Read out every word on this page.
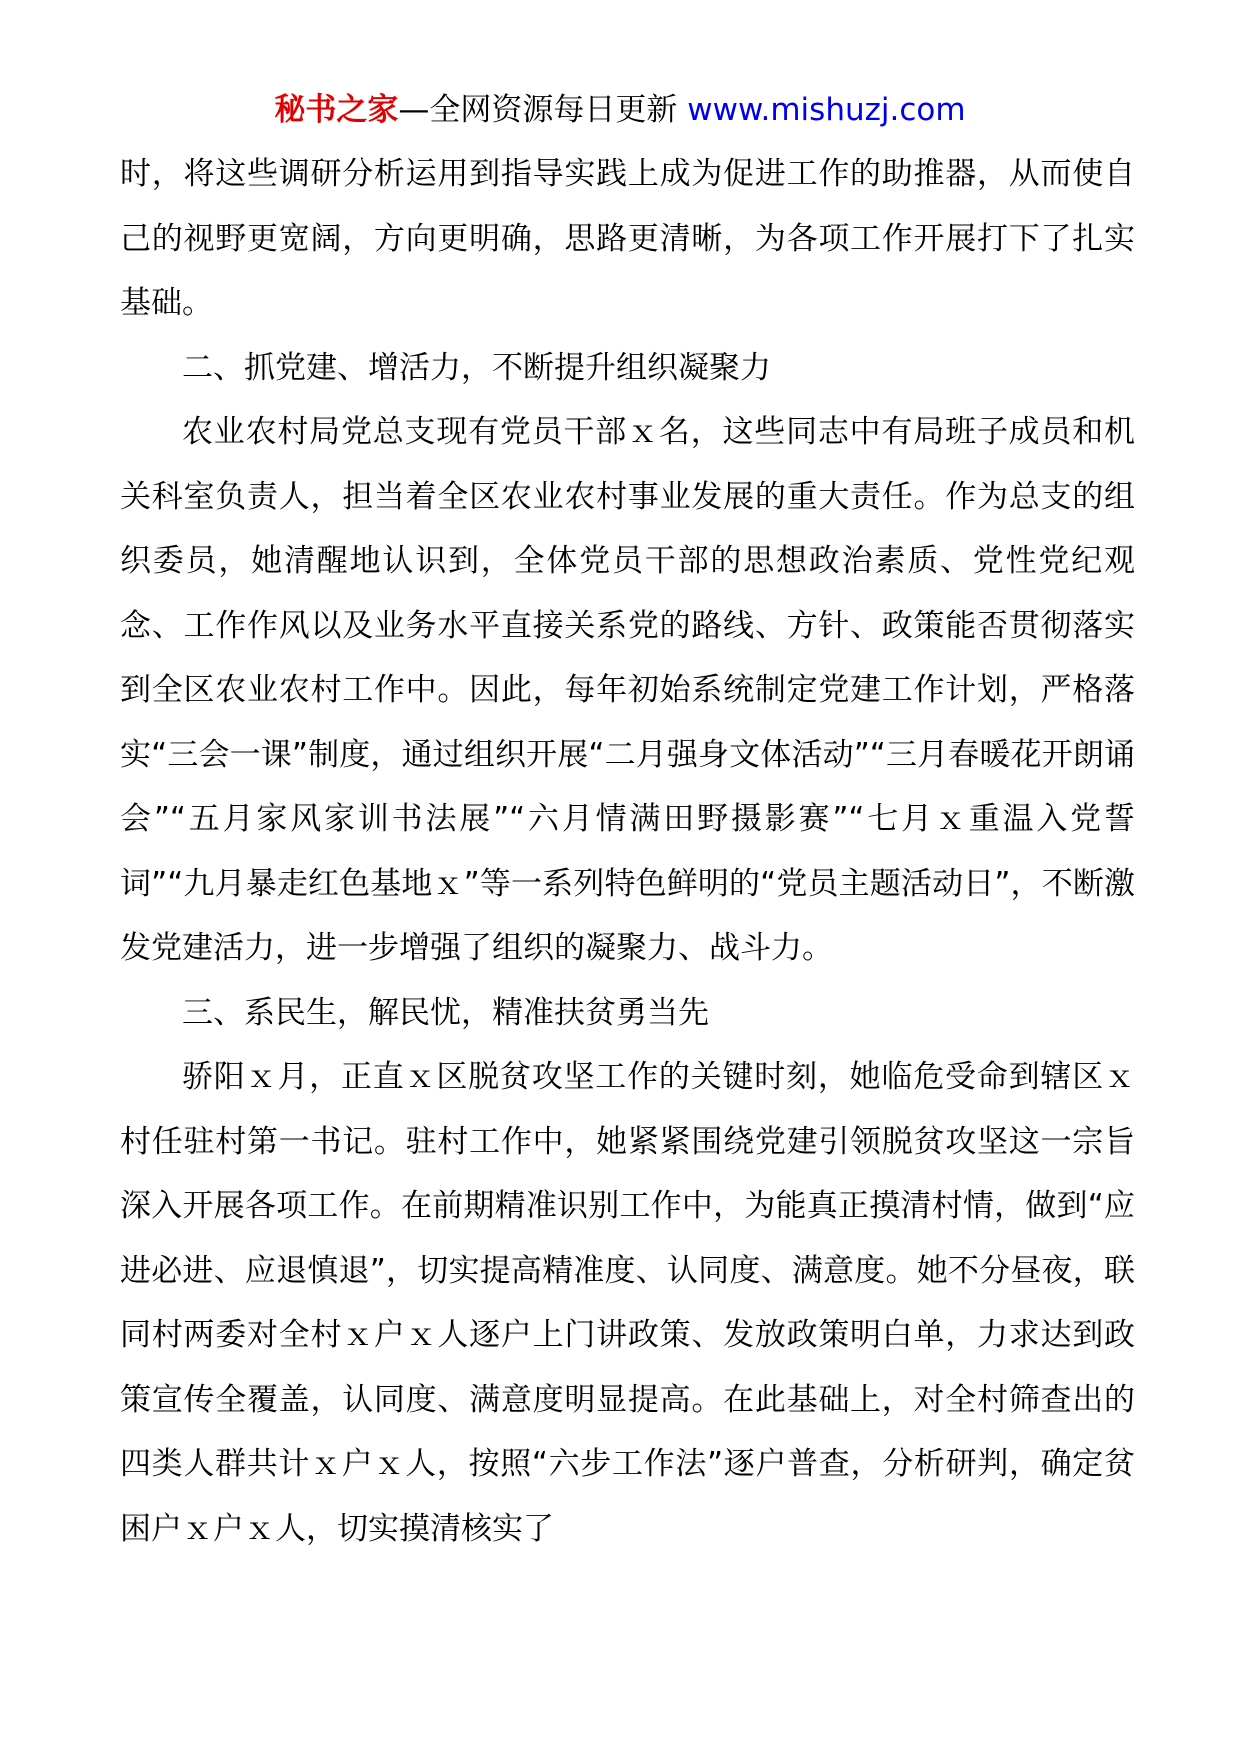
秘书之家—全网资源每日更新 www.mishuzj.com

时，将这些调研分析运用到指导实践上成为促进工作的助推器，从而使自己的视野更宽阔，方向更明确，思路更清晰，为各项工作开展打下了扎实基础。

二、抓党建、增活力，不断提升组织凝聚力

农业农村局党总支现有党员干部ｘ名，这些同志中有局班子成员和机关科室负责人，担当着全区农业农村事业发展的重大责任。作为总支的组织委员，她清醒地认识到，全体党员干部的思想政治素质、党性党纪观念、工作作风以及业务水平直接关系党的路线、方针、政策能否贯彻落实到全区农业农村工作中。因此，每年初始系统制定党建工作计划，严格落实“三会一课”制度，通过组织开展“二月强身文体活动”“三月春暖花开朗诵会”“五月家风家训书法展”“六月情满田野摄影赛”“七月ｘ重温入党誓词”“九月暴走红色基地ｘ”等一系列特色鲜明的“党员主题活动日”，不断激发党建活力，进一步增强了组织的凝聚力、战斗力。

三、系民生，解民忧，精准扶贫勇当先

骄阳ｘ月，正直ｘ区脱贫攻坚工作的关键时刻，她临危受命到辖区ｘ村任驻村第一书记。驻村工作中，她紧紧围绕党建引领脱贫攻坚这一宗旨深入开展各项工作。在前期精准识别工作中，为能真正摸清村情，做到“应进必进、应退慎退”，切实提高精准度、认同度、满意度。她不分昼夜，联同村两委对全村ｘ户ｘ人逐户上门讲政策、发放政策明白单，力求达到政策宣传全覆盖，认同度、满意度明显提高。在此基础上，对全村筛查出的四类人群共计ｘ户ｘ人，按照“六步工作法”逐户普查，分析研判，确定贫困户ｘ户ｘ人，切实摸清核实了
